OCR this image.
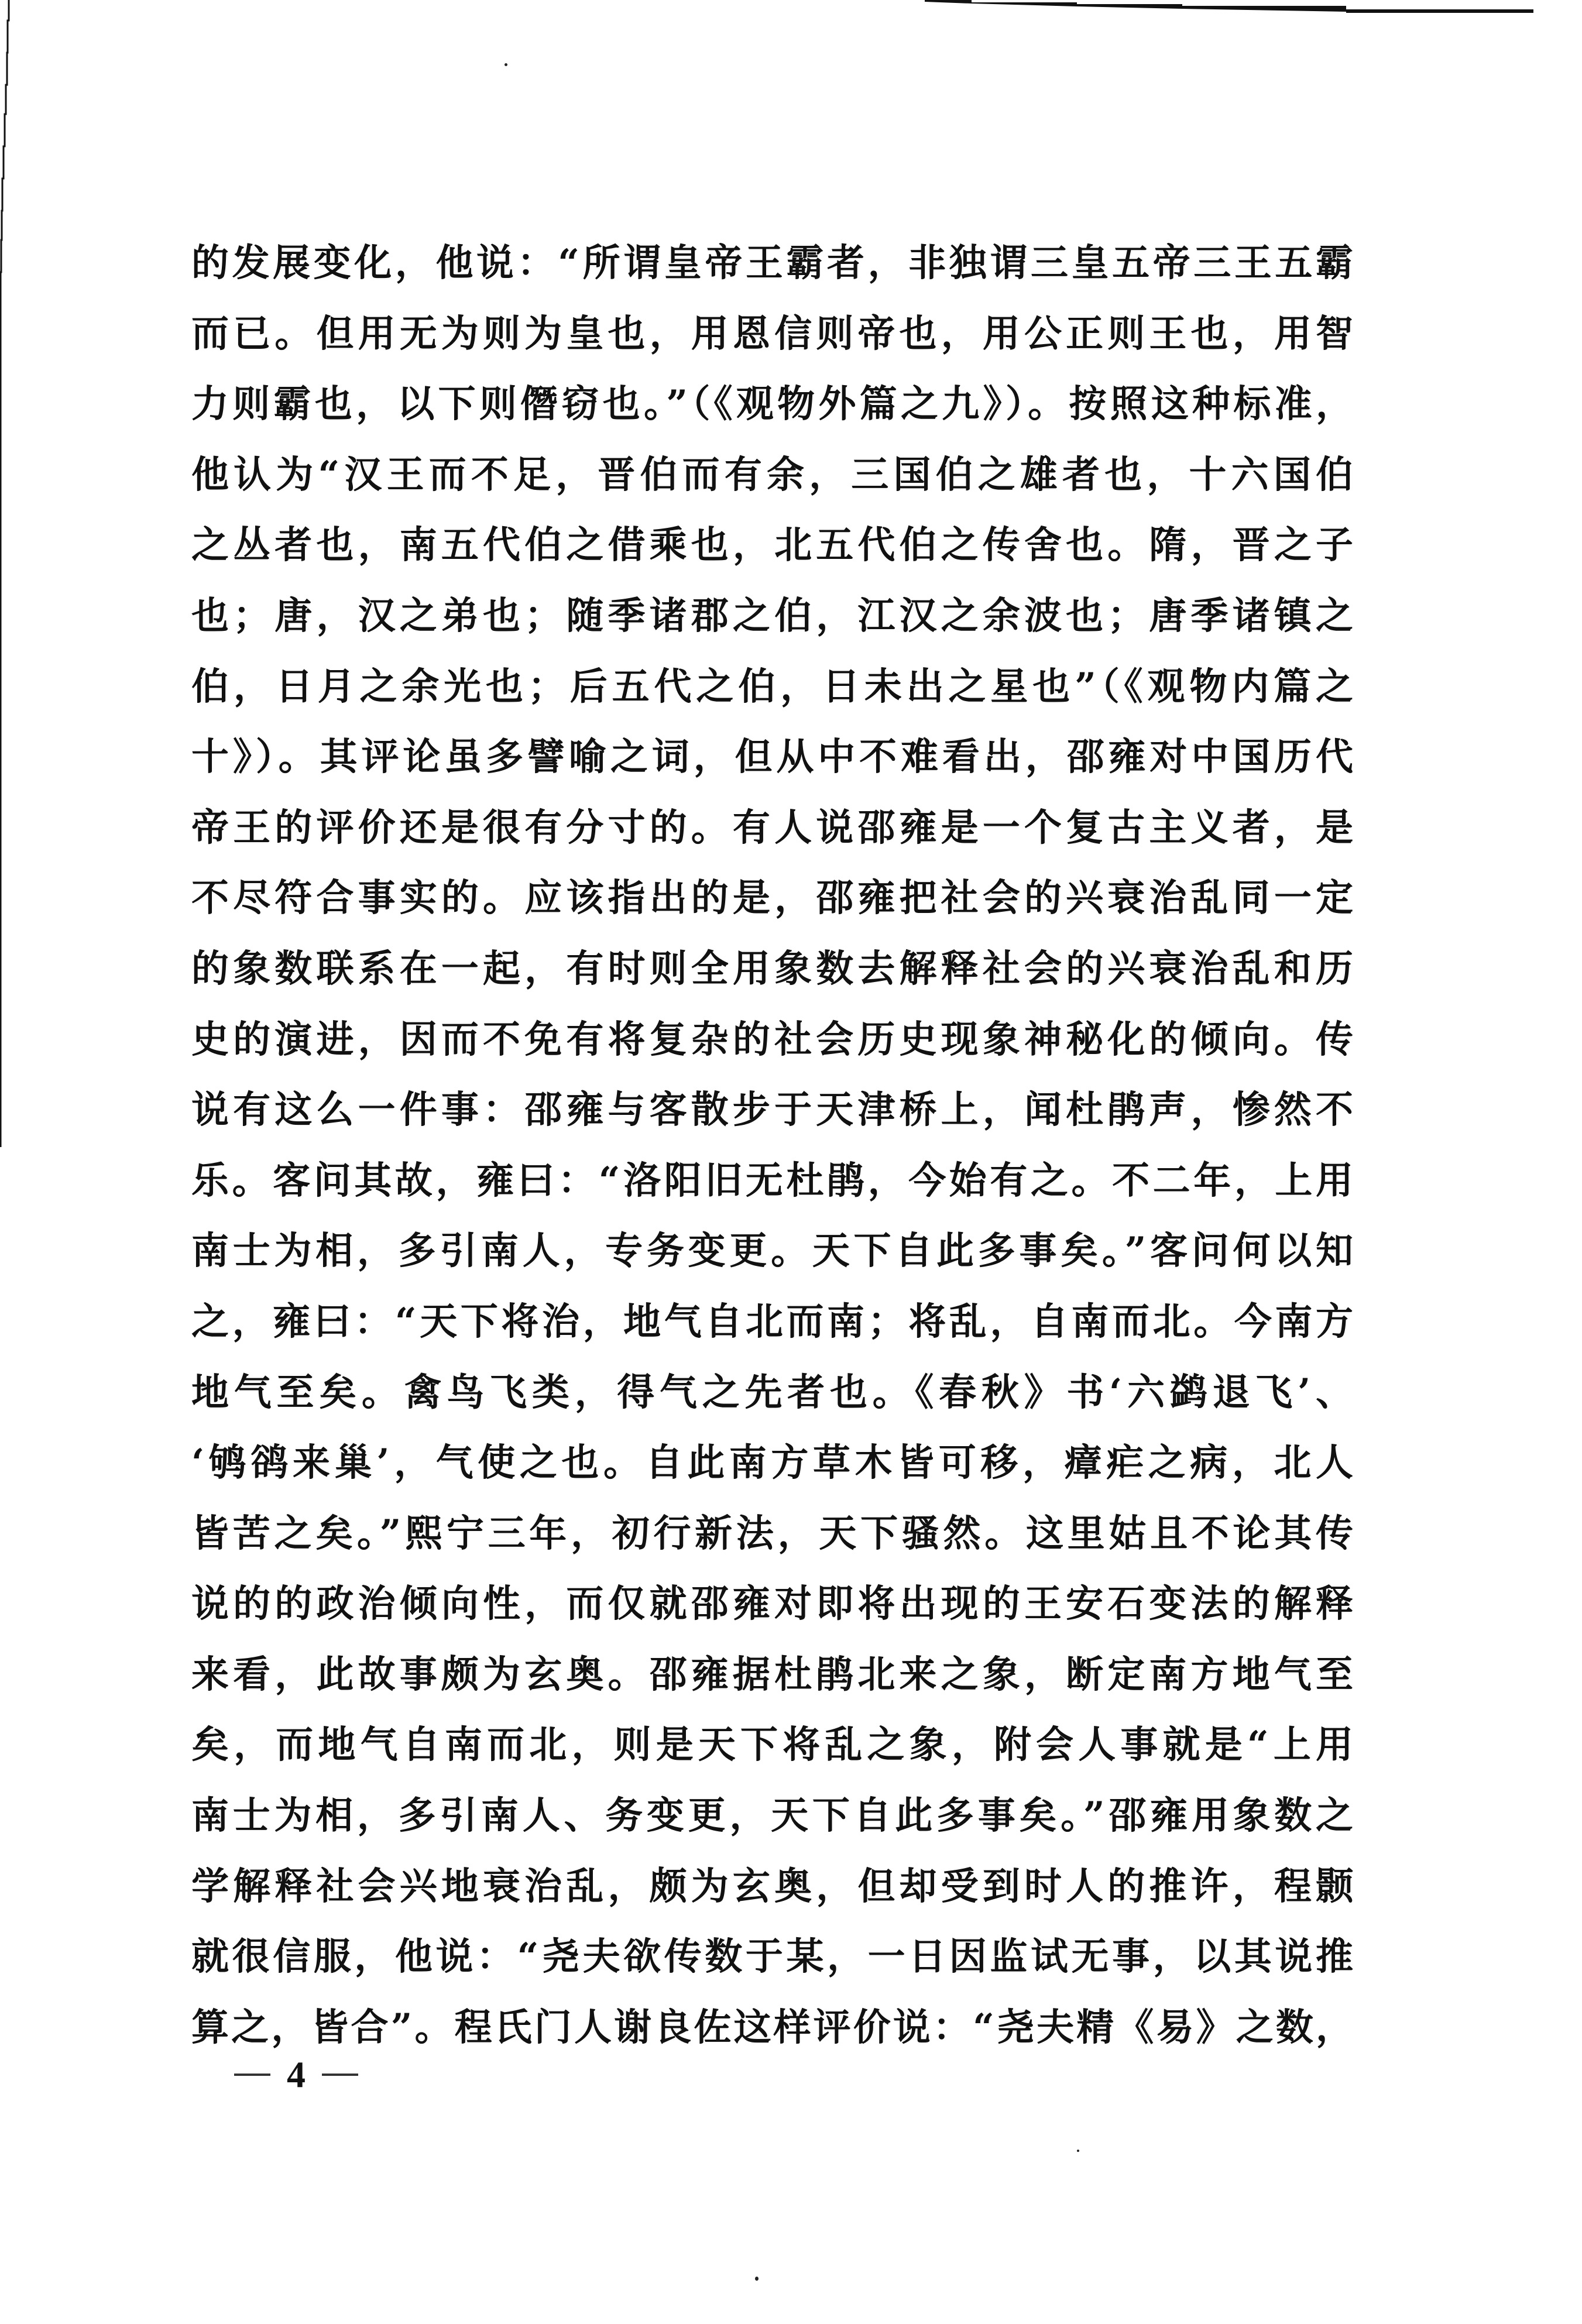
的发展变化，他说：“所谓皇帝王霸者，非独谓三皇五帝三王五霸
而已。但用无为则为皇也，用恩信则帝也，用公正则王也，用智
力则霸也，以下则僭窃也。”（《观物外篇之九》）。按照这种标准，
他认为“汉王而不足，晋伯而有余，三国伯之雄者也，十六国伯
之丛者也，南五代伯之借乘也，北五代伯之传舍也。隋，晋之子
也；唐，汉之弟也；随季诸郡之伯，江汉之余波也；唐季诸镇之
伯，日月之余光也；后五代之伯，日未出之星也”（《观物内篇之
十》）。其评论虽多譬喻之词，但从中不难看出，邵雍对中国历代
帝王的评价还是很有分寸的。有人说邵雍是一个复古主义者，是
不尽符合事实的。应该指出的是，邵雍把社会的兴衰治乱同一定
的象数联系在一起，有时则全用象数去解释社会的兴衰治乱和历
史的演进，因而不免有将复杂的社会历史现象神秘化的倾向。传
说有这么一件事：邵雍与客散步于天津桥上，闻杜鹃声，惨然不
乐。客问其故，雍曰：“洛阳旧无杜鹃，今始有之。不二年，上用
南士为相，多引南人，专务变更。天下自此多事矣。”客问何以知
之，雍曰：“天下将治，地气自北而南；将乱，自南而北。今南方
地气至矣。禽鸟飞类，得气之先者也。《春秋》书‘六鹢退飞’、
‘鸲鹆来巢’，气使之也。自此南方草木皆可移，瘴疟之病，北人
皆苦之矣。”熙宁三年，初行新法，天下骚然。这里姑且不论其传
说的的政治倾向性，而仅就邵雍对即将出现的王安石变法的解释
来看，此故事颇为玄奥。邵雍据杜鹃北来之象，断定南方地气至
矣，而地气自南而北，则是天下将乱之象，附会人事就是“上用
南士为相，多引南人、务变更，天下自此多事矣。”邵雍用象数之
学解释社会兴地衰治乱，颇为玄奥，但却受到时人的推许，程颢
就很信服，他说：“尧夫欲传数于某，一日因监试无事，以其说推
算之，皆合”。程氏门人谢良佐这样评价说：“尧夫精《易》之数，
4
